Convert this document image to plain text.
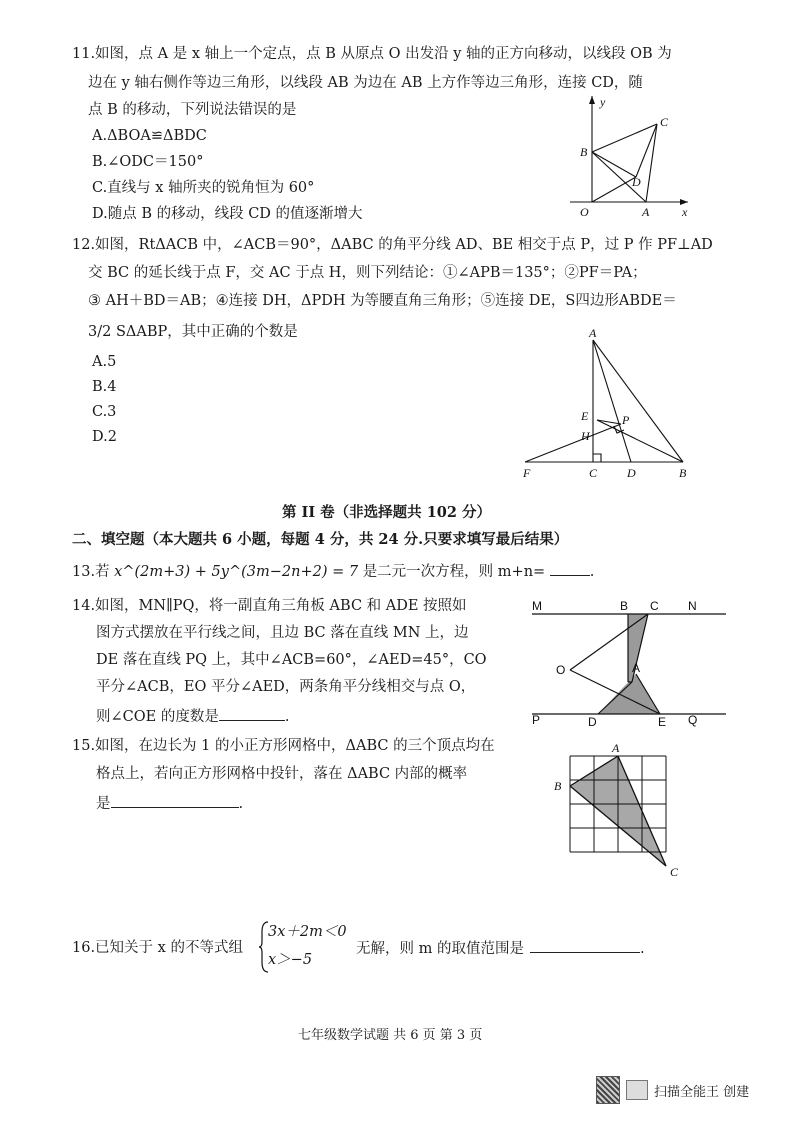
11.如图，点 A 是 x 轴上一个定点，点 B 从原点 O 出发沿 y 轴的正方向移动，以线段 OB 为
边在 y 轴右侧作等边三角形，以线段 AB 为边在 AB 上方作等边三角形，连接 CD，随
点 B 的移动，下列说法错误的是
A.ΔBOA≌ΔBDC
B.∠ODC＝150°
C.直线与 x 轴所夹的锐角恒为 60°
D.随点 B 的移动，线段 CD 的值逐渐增大
y
x
C
B
D
O	A
12.如图，RtΔACB 中，∠ACB＝90°，ΔABC 的角平分线 AD、BE 相交于点 P，过 P 作 PF⊥AD
交 BC 的延长线于点 F，交 AC 于点 H，则下列结论：①∠APB＝135°；②PF＝PA；
③ AH＋BD＝AB；④连接 DH，ΔPDH 为等腰直角三角形；⑤连接 DE，S四边形ABDE＝
3/2 SΔABP，其中正确的个数是
A.5
B.4
C.3
D.2
A
E	P
H
F	C D	B
第 II 卷（非选择题共 102 分）
二、填空题（本大题共 6 小题，每题 4 分，共 24 分.只要求填写最后结果）
13.若 x^(2m+3) + 5y^(3m−2n+2) = 7 是二元一次方程，则 m+n=	.
14.如图，MN∥PQ，将一副直角三角板 ABC 和 ADE 按照如
图方式摆放在平行线之间，且边 BC 落在直线 MN 上，边
DE 落在直线 PQ 上，其中∠ACB=60°，∠AED=45°，CO
平分∠ACB，EO 平分∠AED，两条角平分线相交与点 O，
则∠COE 的度数是	.
M	B C N
O	A
P	D	E Q
15.如图，在边长为 1 的小正方形网格中，ΔABC 的三个顶点均在
格点上，若向正方形网格中投针，落在 ΔABC 内部的概率
是	.
A
B
C
16.已知关于 x 的不等式组
3x＋2m＜0
x＞−5
无解，则 m 的取值范围是	.
七年级数学试题 共 6 页 第 3 页
扫描全能王 创建
